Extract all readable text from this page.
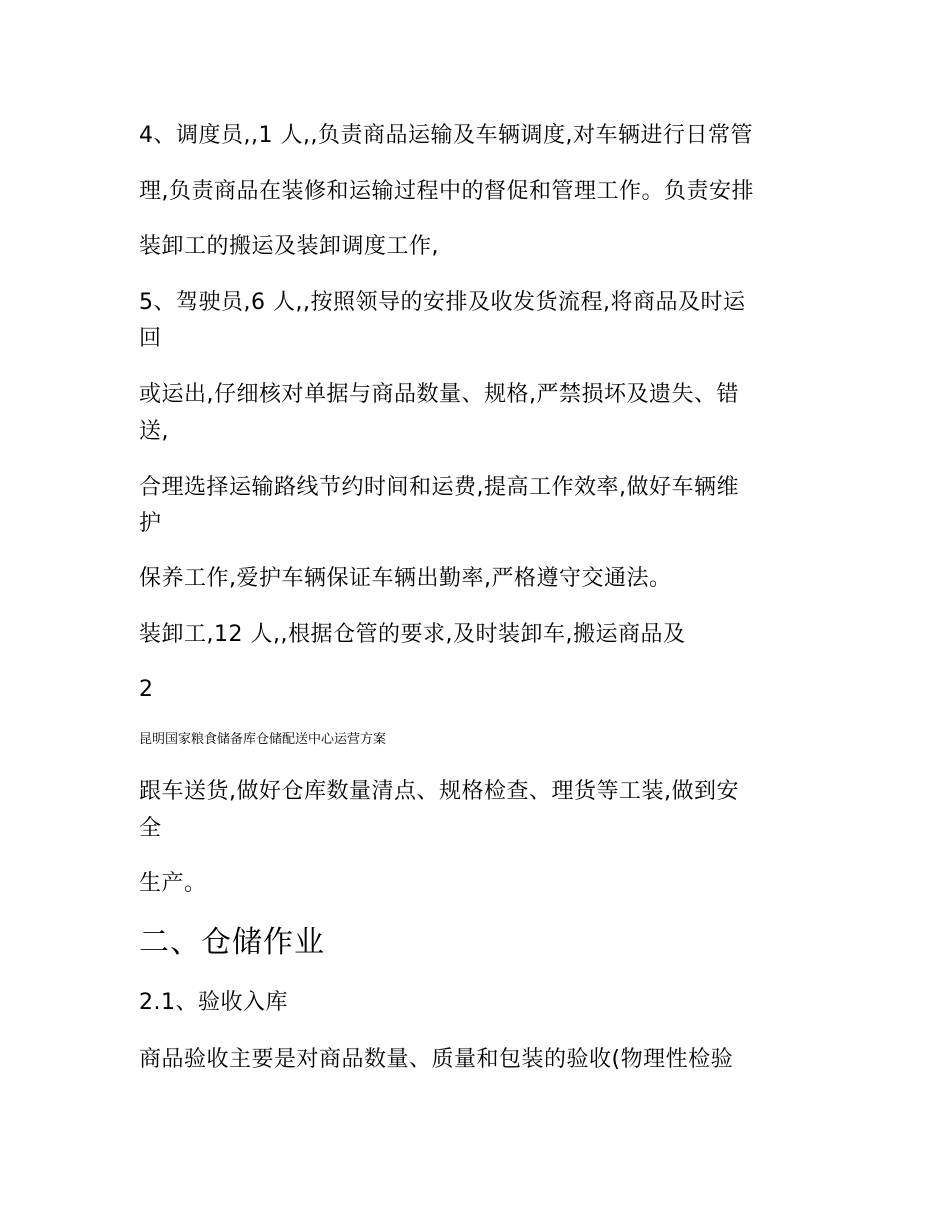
4、调度员,,1 人,,负责商品运输及车辆调度,对车辆进行日常管
理,负责商品在装修和运输过程中的督促和管理工作。负责安排
装卸工的搬运及装卸调度工作,
5、驾驶员,6 人,,按照领导的安排及收发货流程,将商品及时运
回
或运出,仔细核对单据与商品数量、规格,严禁损坏及遗失、错
送,
合理选择运输路线节约时间和运费,提高工作效率,做好车辆维
护
保养工作,爱护车辆保证车辆出勤率,严格遵守交通法。
装卸工,12 人,,根据仓管的要求,及时装卸车,搬运商品及
2
昆明国家粮食储备库仓储配送中心运营方案
跟车送货,做好仓库数量清点、规格检查、理货等工装,做到安
全
生产。
二、仓储作业
2.1、验收入库
商品验收主要是对商品数量、质量和包装的验收(物理性检验
